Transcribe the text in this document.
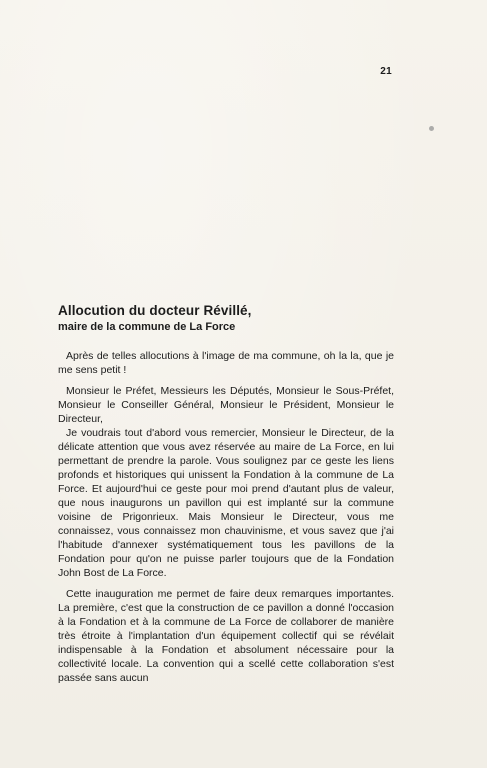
21
Allocution du docteur Révillé,
maire de la commune de La Force

Après de telles allocutions à l'image de ma commune, oh la la, que je me sens petit !

Monsieur le Préfet, Messieurs les Députés, Monsieur le Sous-Préfet, Monsieur le Conseiller Général, Monsieur le Président, Monsieur le Directeur,

Je voudrais tout d'abord vous remercier, Monsieur le Directeur, de la délicate attention que vous avez réservée au maire de La Force, en lui permettant de prendre la parole. Vous soulignez par ce geste les liens profonds et historiques qui unissent la Fondation à la commune de La Force. Et aujourd'hui ce geste pour moi prend d'autant plus de valeur, que nous inaugurons un pavillon qui est implanté sur la commune voisine de Prigonrieux. Mais Monsieur le Directeur, vous me connaissez, vous connaissez mon chauvinisme, et vous savez que j'ai l'habitude d'annexer systématiquement tous les pavillons de la Fondation pour qu'on ne puisse parler toujours que de la Fondation John Bost de La Force.

Cette inauguration me permet de faire deux remarques importantes. La première, c'est que la construction de ce pavillon a donné l'occasion à la Fondation et à la commune de La Force de collaborer de manière très étroite à l'implantation d'un équipement collectif qui se révélait indispensable à la Fondation et absolument nécessaire pour la collectivité locale. La convention qui a scellé cette collaboration s'est passée sans aucun
